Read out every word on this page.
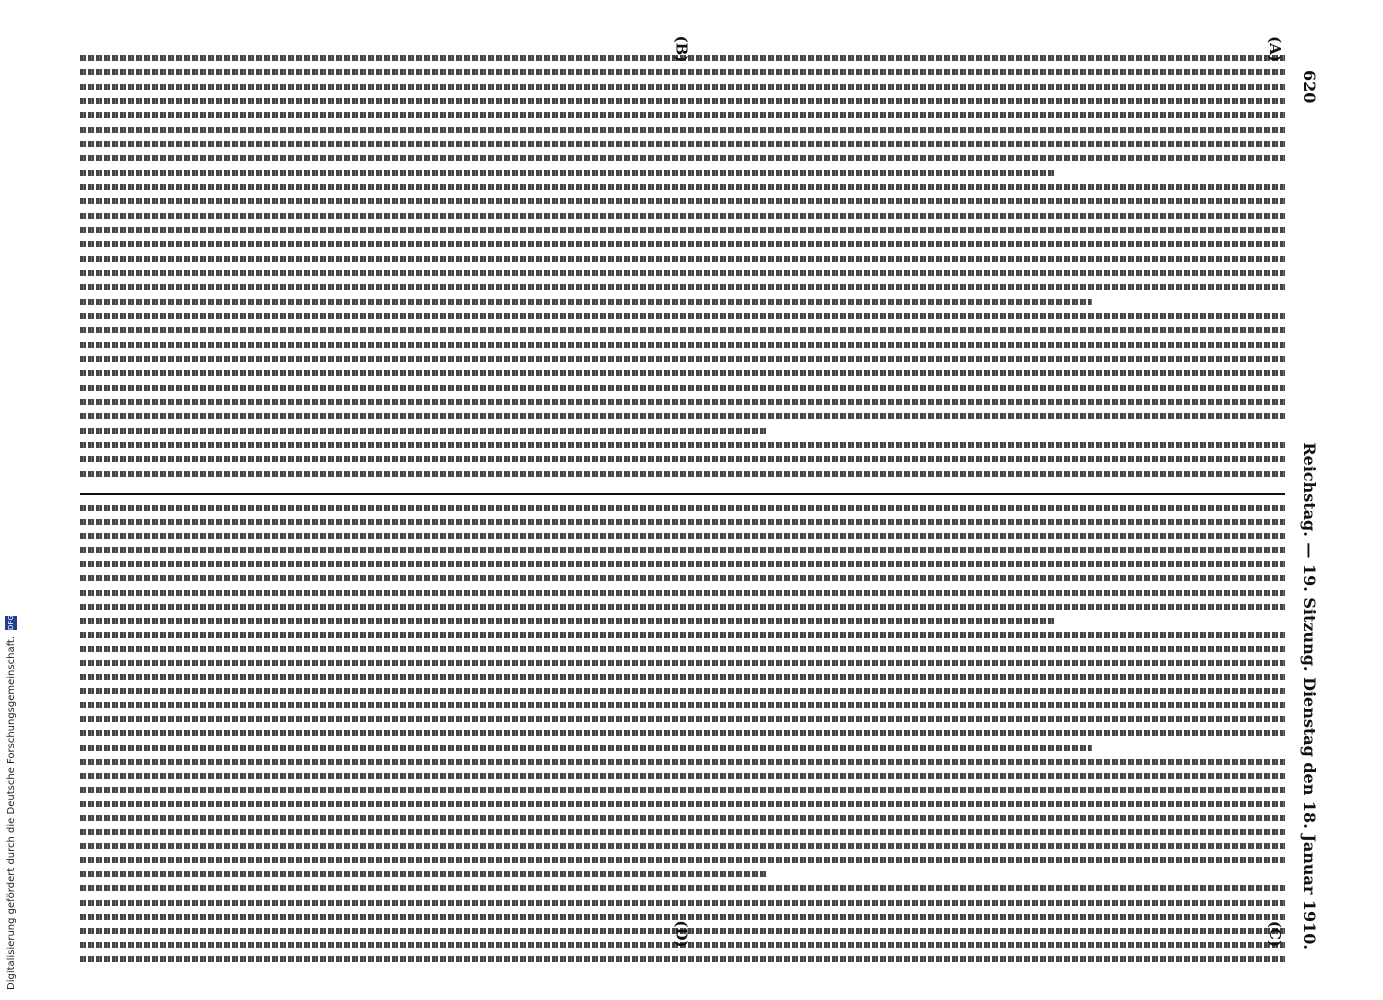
620
Reichstag. — 19. Sitzung. Dienstag den 18. Januar 1910.
(A)
(B)
(C)
(D)
Digitalisierung gefördert durch die Deutsche Forschungsgemeinschaft.
DFG
